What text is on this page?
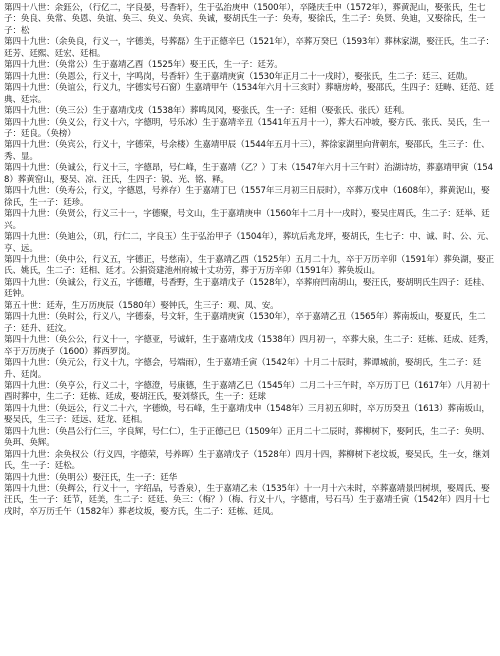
第四十八世：余鈺公，（行亿二，字良晏，号香轩），生于弘治庚申（1500年），卒隆庆壬申（1572年），葬黄泥山，娶张氏，生七子：奂良、奂常、奂恩、奂谊、奂三、奂义、奂宾、奂诚，娶胡氏生一子：奂寿，娶徐氏，生二子：奂贤、奂迪，又娶徐氏，生一子：松

第四十九世：（余奂良，行义一，字德美，号葬磊）生于正德辛巳（1521年），卒葬万癸巳（1593年）葬林家湖，娶汪氏，生二子：廷芳、廷熙、廷宏、廷相。

第四十九世：（奂常公）生于嘉靖乙酉（1525年）娶王氏，生一子：廷芳。

第四十九世：（奂恩公，行义十，字鸣岗，号香轩）生于嘉靖庚寅（1530年正月二十一戌时），娶张氏，生二子：廷三、廷勋。

第四十九世：（奂谊公，行义九，字德实号石窗）生嘉靖甲午（1534年六月十三亥时）葬塘房岭，娶邵氏，生四子：廷畴、廷范、廷典、廷宗。

第四十九世：（奂三公）生于嘉靖戊戌（1538年）葬鸣凤冈，娶张氏，生一子：廷相（娶张氏、张氏）廷利。

第四十九世：（奂义公，行义十六，字德明，号乐冰）生于嘉靖辛丑（1541年五月十一），葬大石冲坡，娶方氏、张氏、吴氏，生一子：廷良。（奂榜）

第四十九世：（奂宾公，行义十，字德荣，号余楼）生嘉靖甲辰（1544年五月十三），葬徐家湖里向背朝东，娶邵氏，生三子：仕、秀、显。

第四十九世：（奂诚公，行义十三，字德昂，号仁峰，生于嘉靖（乙？）丁未（1547年六月十三午时）治湖诗坊，葬嘉靖甲寅（1548）葬黄窑山，娶吴、凉、汪氏，生四子：锐、光、铭、释。

第四十九世：（奂寿公，行义，字德恩，号养存）生于嘉靖丁巳（1557年三月初三日辰时），卒葬万戊申（1608年），葬黄泥山，娶徐氏，生一子：廷珍。

第四十九世：（奂贤公，行义三十一，字德聚，号文山，生于嘉靖庚申（1560年十二月十一戌时），娶吴庄周氏，生二子：廷举、廷兴。

第四十九世：（奂迪公，（玑，行仁二，字良玉）生于弘治甲子（1504年），葬坑后兆龙坪，娶胡氏，生七子：中、诚、时、公、元、亨、远。

第四十九世：（奂中公，行义五，字德正，号慈南），生于嘉靖乙酉（1525年）五月二十九，卒于万历辛卯（1591年）葬奂湖，娶正氏、姚氏，生二子：廷相、廷才。公捐资建池州府城十丈功劳，葬于万历辛卯（1591年）葬奂坂山。

第四十九世：（奂诚公，行义五，字德耀，号香野，生于嘉靖戊子（1528年），卒葬府凹南胡山，娶汪氏，娶胡明氏生四子：廷桂、廷钟。

第五十世：廷寿，生万历庚辰（1580年）娶钟氏，生三子：观、凤、安。

第四十九世：（奂时公，行义八，字德泰，号文轩，生于嘉靖庚寅（1530年），卒于嘉靖乙丑（1565年）葬南坂山，娶夏氏，生二子：廷升、廷汶。

第四十九世：（奂公公，行义十一，字德亚，号诚轩，生于嘉靖戊戌（1538年）四月初一，卒葬大泉，生二子：廷栋、廷成、廷秀，卒于万历庚子（1600）葬西罗岗。

第四十九世：（奂元公，行义十九，字德会，号端雨），生于嘉靖壬寅（1542年）十月二十辰时，葬谭城前，娶胡氏，生二子：廷升、廷岗。

第四十九世：（奂亨公，行义二十，字德澄，号康德，生于嘉靖乙巳（1545年）二月二十三午时，卒万历丁巳（1617年）八月初十酉时葬中，生二子：廷栋、廷成，娶胡汪氏，娶刘蔡氏，生一子：廷球

第四十九世：（奂远公，行义二十六，字德焕，号石峰，生于嘉靖戊申（1548年）三月初五卯时，卒万历癸丑（1613）葬南坂山，娶吴氏，生三子：廷远、廷龙、廷相。

第四十九世：（奂昌公行仁三，字良辉，号仁仁），生于正德己巳（1509年）正月二十二辰时，葬柳树下，娶阿氏，生二子：奂明、奂珥、奂辉。

第四十九世：余奂权公（行义四，字德荣，号养晖）生于嘉靖戊子（1528年）四月十四，葬柳树下老坟坂，娶吴氏，生一女，继刘氏，生一子：廷松。

第四十九世：（奂明公）娶汪氏，生一子：廷华

第四十九世：（奂辉公，行义十一，字绍品，号香泉），生于嘉靖乙未（1535年）十一月十六未时，卒葬嘉靖景凹树坝，娶周氏、娶汪氏，生一子：廷节，廷美，生二子：廷廷、奂三：（梅？）（梅、行义十八，字德甫，号石马）生于嘉靖壬寅（1542年）四月十七戌时，卒万历壬午（1582年）葬老坟坂，娶方氏，生二子：廷栋、廷凤。
